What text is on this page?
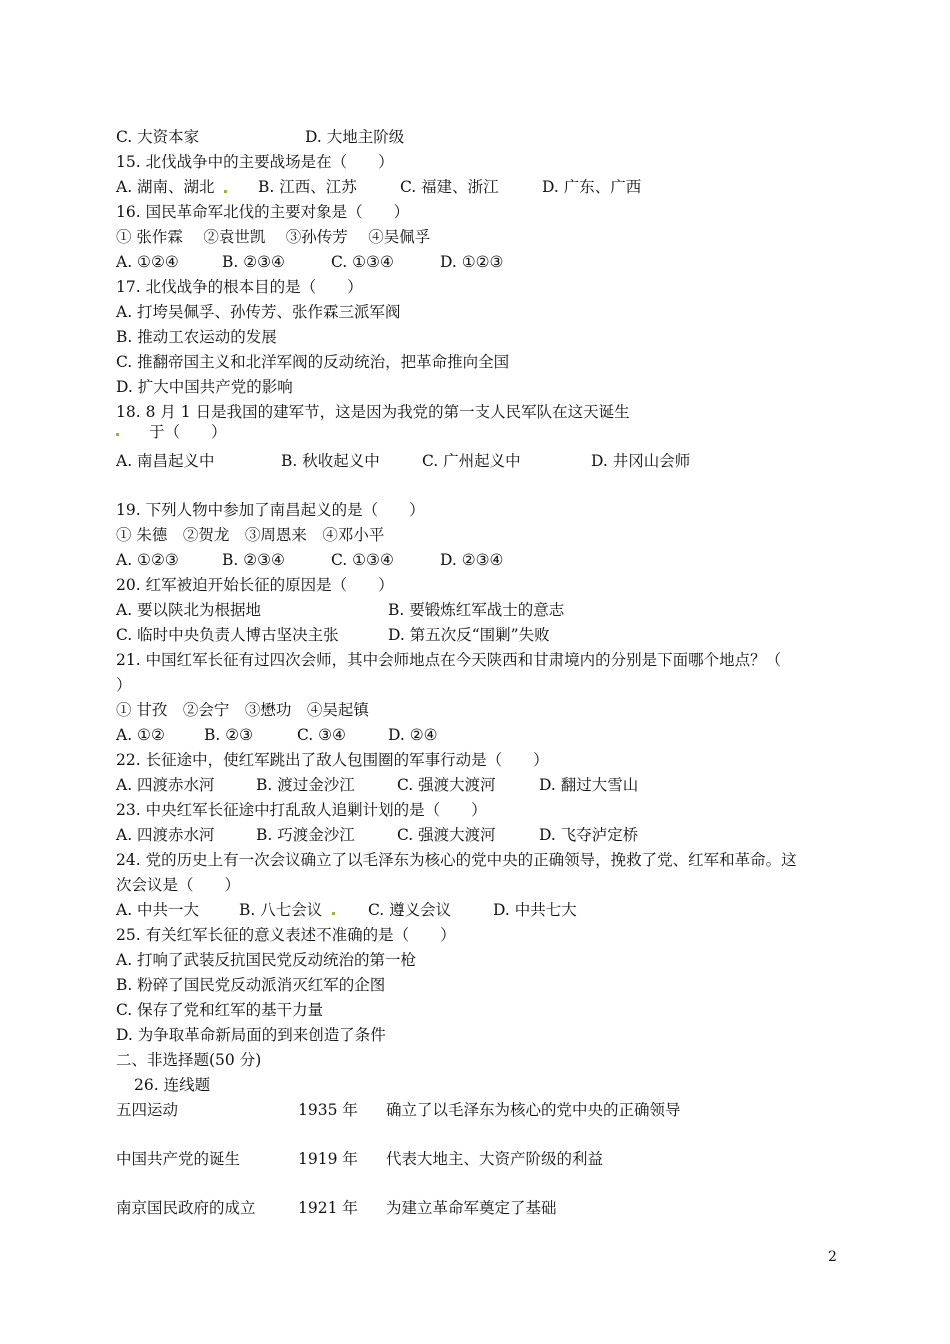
C. 大资本家	D. 大地主阶级
15. 北伐战争中的主要战场是在（　　）
A. 湖南、湖北	B. 江西、江苏	C. 福建、浙江	D. 广东、广西
16. 国民革命军北伐的主要对象是（　　）
① 张作霖　 ②袁世凯　 ③孙传芳　 ④吴佩孚
A. ①②④	B. ②③④	C. ①③④	D. ①②③
17. 北伐战争的根本目的是（　　）
A. 打垮吴佩孚、孙传芳、张作霖三派军阀
B. 推动工农运动的发展
C. 推翻帝国主义和北洋军阀的反动统治，把革命推向全国
D. 扩大中国共产党的影响
18. 8 月 1 日是我国的建军节，这是因为我党的第一支人民军队在这天诞生
于（　　）
A. 南昌起义中	B. 秋收起义中	C. 广州起义中	D. 井冈山会师
19. 下列人物中参加了南昌起义的是（　　）
① 朱德　②贺龙　③周恩来　④邓小平
A. ①②③	B. ②③④	C. ①③④	D. ②③④
20. 红军被迫开始长征的原因是（　　）
A. 要以陕北为根据地	B. 要锻炼红军战士的意志
C. 临时中央负责人博古坚决主张	D. 第五次反“围剿”失败
21. 中国红军长征有过四次会师，其中会师地点在今天陕西和甘肃境内的分别是下面哪个地点？（
）
① 甘孜　②会宁　③懋功　④吴起镇
A. ①②	B. ②③	C. ③④	D. ②④
22. 长征途中，使红军跳出了敌人包围圈的军事行动是（　　）
A. 四渡赤水河	B. 渡过金沙江	C. 强渡大渡河	D. 翻过大雪山
23. 中央红军长征途中打乱敌人追剿计划的是（　　）
A. 四渡赤水河	B. 巧渡金沙江	C. 强渡大渡河	D. 飞夺泸定桥
24. 党的历史上有一次会议确立了以毛泽东为核心的党中央的正确领导，挽救了党、红军和革命。这
次会议是（　　）
A. 中共一大	B. 八七会议	C. 遵义会议	D. 中共七大
25. 有关红军长征的意义表述不准确的是（　　）
A. 打响了武装反抗国民党反动统治的第一枪
B. 粉碎了国民党反动派消灭红军的企图
C. 保存了党和红军的基干力量
D. 为争取革命新局面的到来创造了条件
二、非选择题(50 分)
26. 连线题
五四运动	1935 年 确立了以毛泽东为核心的党中央的正确领导
中国共产党的诞生	1919 年 代表大地主、大资产阶级的利益
南京国民政府的成立	1921 年 为建立革命军奠定了基础
2
